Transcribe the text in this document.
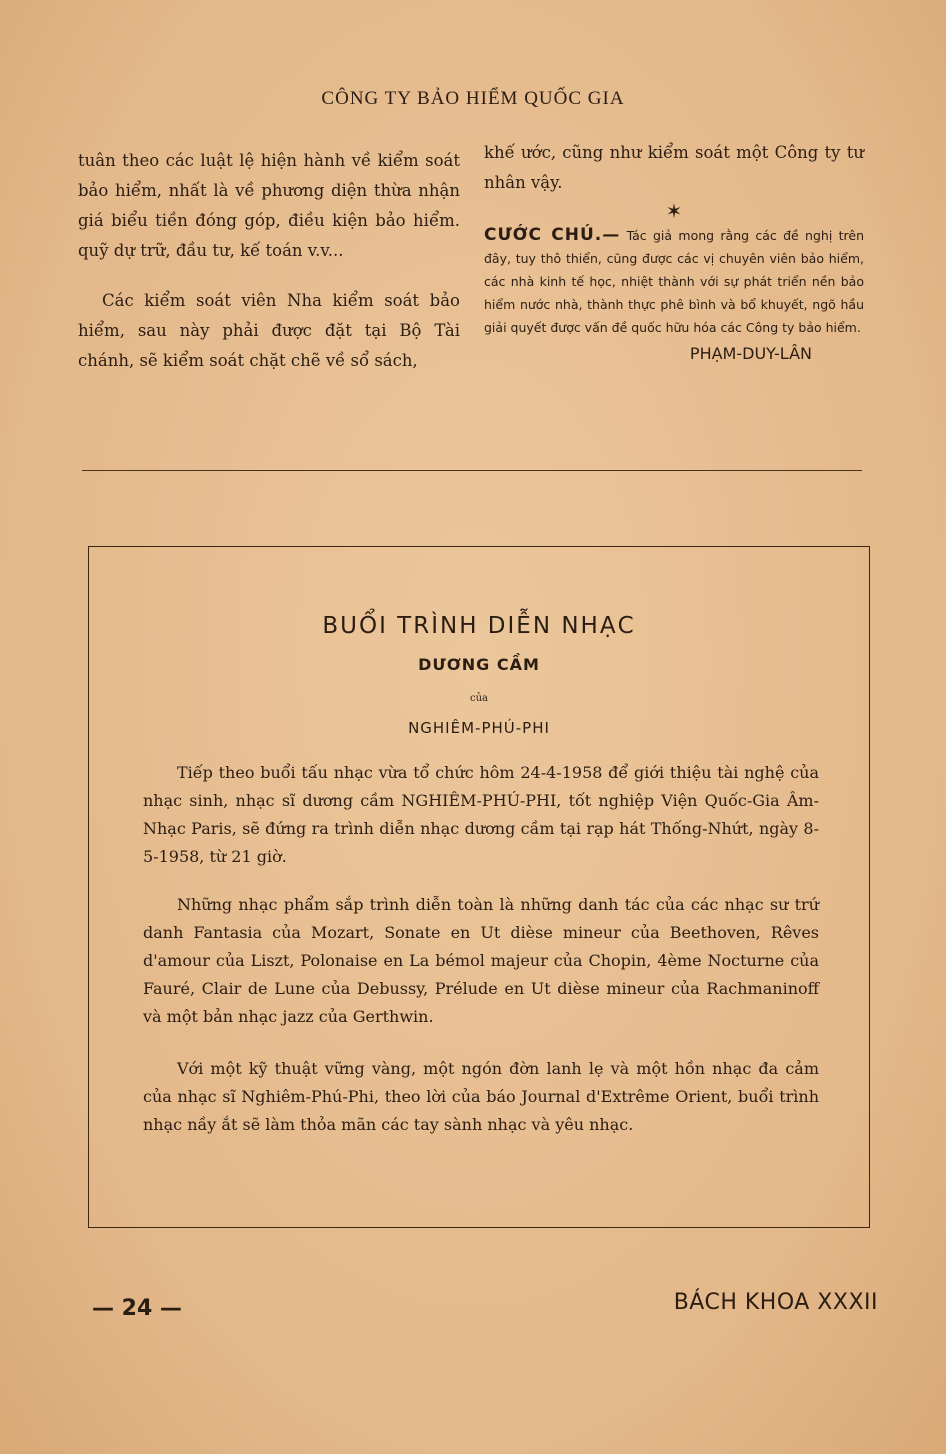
CÔNG TY BẢO HIỂM QUỐC GIA

tuân theo các luật lệ hiện hành về kiểm soát bảo hiểm, nhất là về phương diện thừa nhận giá biểu tiền đóng góp, điều kiện bảo hiểm. quỹ dự trữ, đầu tư, kế toán v.v...

Các kiểm soát viên Nha kiểm soát bảo hiểm, sau này phải được đặt tại Bộ Tài chánh, sẽ kiểm soát chặt chẽ về sổ sách,

khế ước, cũng như kiểm soát một Công ty tư nhân vậy.

✶

CƯỚC CHÚ.— Tác giả mong rằng các đề nghị trên đây, tuy thô thiển, cũng được các vị chuyên viên bảo hiểm, các nhà kinh tế học, nhiệt thành với sự phát triển nền bảo hiểm nước nhà, thành thực phê bình và bổ khuyết, ngõ hầu giải quyết được vấn đề quốc hữu hóa các Công ty bảo hiểm.

PHẠM-DUY-LÂN

BUỔI TRÌNH DIỄN NHẠC
DƯƠNG CẦM
của
NGHIÊM-PHÚ-PHI

Tiếp theo buổi tấu nhạc vừa tổ chức hôm 24-4-1958 để giới thiệu tài nghệ của nhạc sinh, nhạc sĩ dương cầm NGHIÊM-PHÚ-PHI, tốt nghiệp Viện Quốc-Gia Âm-Nhạc Paris, sẽ đứng ra trình diễn nhạc dương cầm tại rạp hát Thống-Nhứt, ngày 8-5-1958, từ 21 giờ.

Những nhạc phẩm sắp trình diễn toàn là những danh tác của các nhạc sư trứ danh Fantasia của Mozart, Sonate en Ut dièse mineur của Beethoven, Rêves d'amour của Liszt, Polonaise en La bémol majeur của Chopin, 4ème Nocturne của Fauré, Clair de Lune của Debussy, Prélude en Ut dièse mineur của Rachmaninoff và một bản nhạc jazz của Gerthwin.

Với một kỹ thuật vững vàng, một ngón đờn lanh lẹ và một hồn nhạc đa cảm của nhạc sĩ Nghiêm-Phú-Phi, theo lời của báo Journal d'Extrême Orient, buổi trình nhạc nầy ắt sẽ làm thỏa mãn các tay sành nhạc và yêu nhạc.

— 24 —	BÁCH KHOA XXXII
